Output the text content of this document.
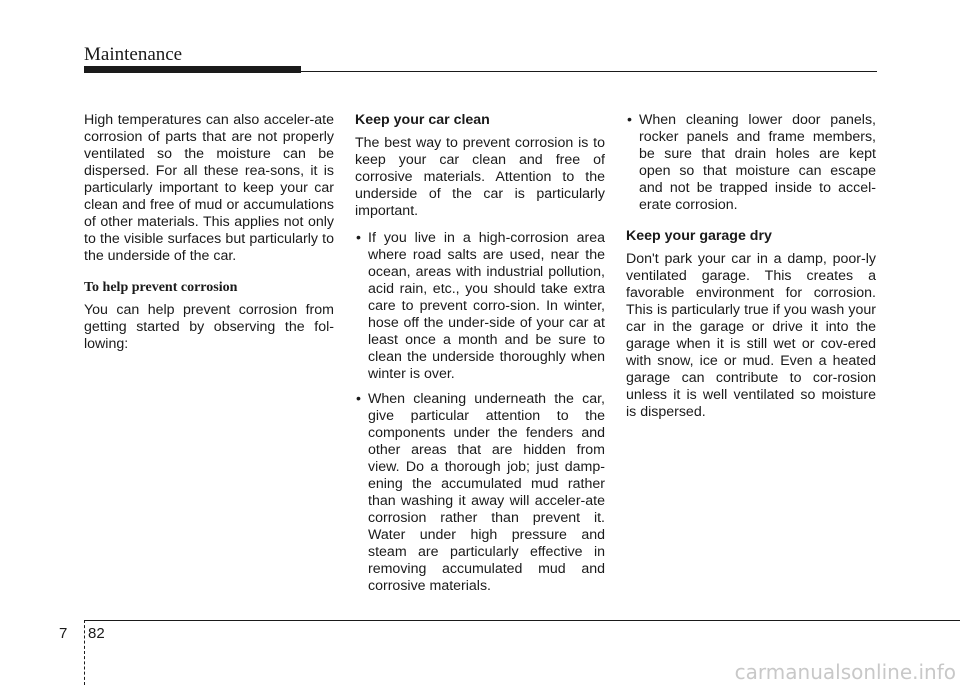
Maintenance

High temperatures can also acceler-ate corrosion of parts that are not properly ventilated so the moisture can be dispersed. For all these rea-sons, it is particularly important to keep your car clean and free of mud or accumulations of other materials. This applies not only to the visible surfaces but particularly to the underside of the car.

To help prevent corrosion

You can help prevent corrosion from getting started by observing the fol-lowing:

Keep your car clean

The best way to prevent corrosion is to keep your car clean and free of corrosive materials. Attention to the underside of the car is particularly important.

• If you live in a high-corrosion area where road salts are used, near the ocean, areas with industrial pollution, acid rain, etc., you should take extra care to prevent corro-sion. In winter, hose off the under-side of your car at least once a month and be sure to clean the underside thoroughly when winter is over.
• When cleaning underneath the car, give particular attention to the components under the fenders and other areas that are hidden from view. Do a thorough job; just damp-ening the accumulated mud rather than washing it away will acceler-ate corrosion rather than prevent it. Water under high pressure and steam are particularly effective in removing accumulated mud and corrosive materials.
• When cleaning lower door panels, rocker panels and frame members, be sure that drain holes are kept open so that moisture can escape and not be trapped inside to accel-erate corrosion.
Keep your garage dry

Don't park your car in a damp, poor-ly ventilated garage. This creates a favorable environment for corrosion. This is particularly true if you wash your car in the garage or drive it into the garage when it is still wet or cov-ered with snow, ice or mud. Even a heated garage can contribute to cor-rosion unless it is well ventilated so moisture is dispersed.

7 82
carmanualsonline.info
